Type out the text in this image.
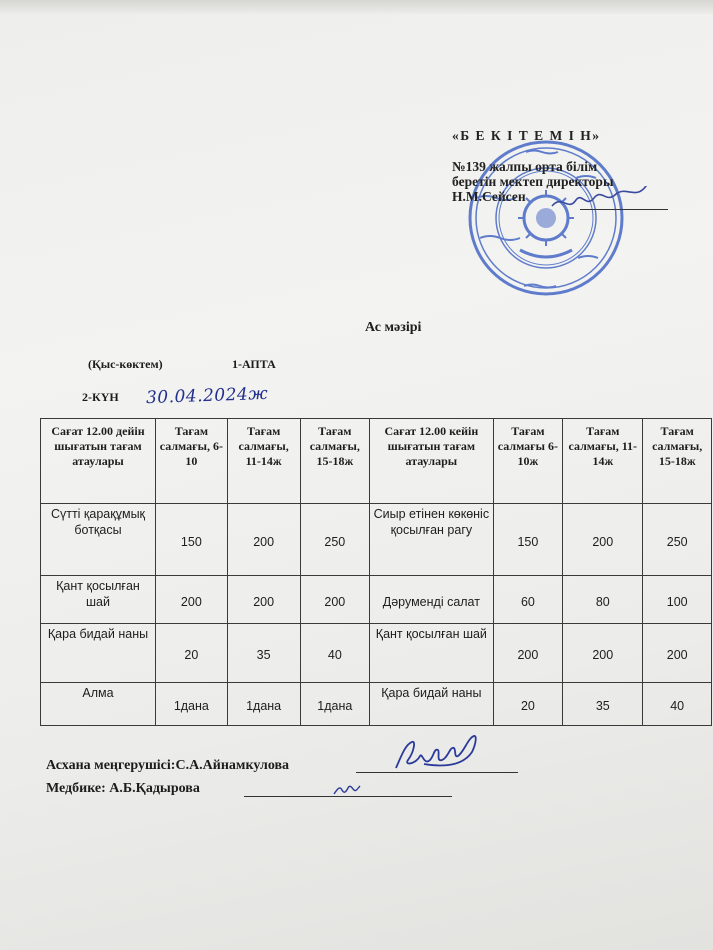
«Б Е К І Т Е М І Н»
№139 жалпы орта білім
беретін мектеп директоры
Н.М.Сейсен
Ас мәзірі
(Қыс-көктем)	1-АПТА
2-КҮН 30.04.2024ж
Сағат 12.00 дейін шығатын тағам атаулары	Тағам салмағы, 6-10	Тағам салмағы, 11-14ж	Тағам салмағы, 15-18ж	Сағат 12.00 кейін шығатын тағам атаулары	Тағам салмағы 6-10ж	Тағам салмағы, 11-14ж	Тағам салмағы, 15-18ж
Сүтті қарақұмық ботқасы	150	200	250	Сиыр етінен көкөніс қосылған рагу	150	200	250
Қант қосылған шай	200	200	200	Дәруменді салат	60	80	100
Қара бидай наны	20	35	40	Қант қосылған шай	200	200	200
Алма	1дана	1дана	1дана	Қара бидай наны	20	35	40
Асхана меңгерушісі:С.А.Айнамкулова
Медбике: А.Б.Қадырова
